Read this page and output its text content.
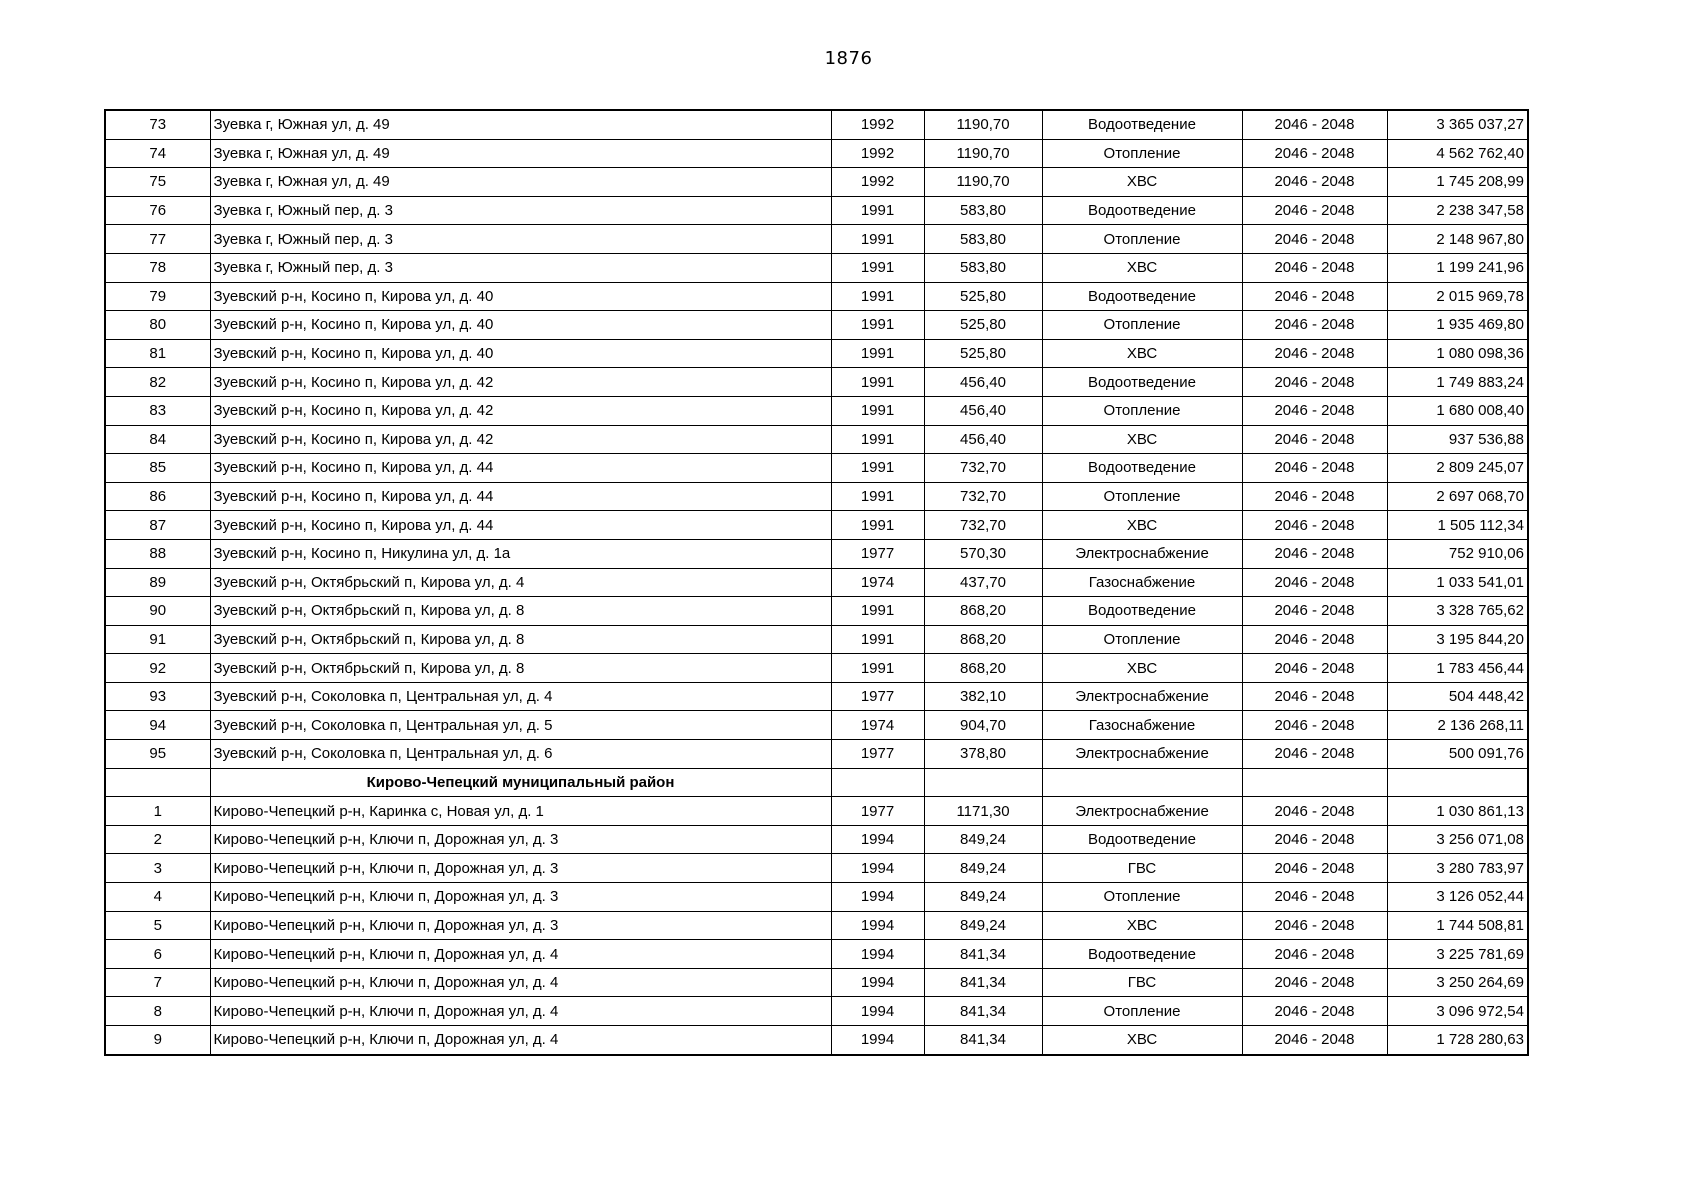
1876
73	Зуевка г, Южная ул, д. 49	1992	1190,70	Водоотведение	2046 - 2048	3 365 037,27
74	Зуевка г, Южная ул, д. 49	1992	1190,70	Отопление	2046 - 2048	4 562 762,40
75	Зуевка г, Южная ул, д. 49	1992	1190,70	ХВС	2046 - 2048	1 745 208,99
76	Зуевка г, Южный пер, д. 3	1991	583,80	Водоотведение	2046 - 2048	2 238 347,58
77	Зуевка г, Южный пер, д. 3	1991	583,80	Отопление	2046 - 2048	2 148 967,80
78	Зуевка г, Южный пер, д. 3	1991	583,80	ХВС	2046 - 2048	1 199 241,96
79	Зуевский р-н, Косино п, Кирова ул, д. 40	1991	525,80	Водоотведение	2046 - 2048	2 015 969,78
80	Зуевский р-н, Косино п, Кирова ул, д. 40	1991	525,80	Отопление	2046 - 2048	1 935 469,80
81	Зуевский р-н, Косино п, Кирова ул, д. 40	1991	525,80	ХВС	2046 - 2048	1 080 098,36
82	Зуевский р-н, Косино п, Кирова ул, д. 42	1991	456,40	Водоотведение	2046 - 2048	1 749 883,24
83	Зуевский р-н, Косино п, Кирова ул, д. 42	1991	456,40	Отопление	2046 - 2048	1 680 008,40
84	Зуевский р-н, Косино п, Кирова ул, д. 42	1991	456,40	ХВС	2046 - 2048	937 536,88
85	Зуевский р-н, Косино п, Кирова ул, д. 44	1991	732,70	Водоотведение	2046 - 2048	2 809 245,07
86	Зуевский р-н, Косино п, Кирова ул, д. 44	1991	732,70	Отопление	2046 - 2048	2 697 068,70
87	Зуевский р-н, Косино п, Кирова ул, д. 44	1991	732,70	ХВС	2046 - 2048	1 505 112,34
88	Зуевский р-н, Косино п, Никулина ул, д. 1а	1977	570,30	Электроснабжение	2046 - 2048	752 910,06
89	Зуевский р-н, Октябрьский п, Кирова ул, д. 4	1974	437,70	Газоснабжение	2046 - 2048	1 033 541,01
90	Зуевский р-н, Октябрьский п, Кирова ул, д. 8	1991	868,20	Водоотведение	2046 - 2048	3 328 765,62
91	Зуевский р-н, Октябрьский п, Кирова ул, д. 8	1991	868,20	Отопление	2046 - 2048	3 195 844,20
92	Зуевский р-н, Октябрьский п, Кирова ул, д. 8	1991	868,20	ХВС	2046 - 2048	1 783 456,44
93	Зуевский р-н, Соколовка п, Центральная ул, д. 4	1977	382,10	Электроснабжение	2046 - 2048	504 448,42
94	Зуевский р-н, Соколовка п, Центральная ул, д. 5	1974	904,70	Газоснабжение	2046 - 2048	2 136 268,11
95	Зуевский р-н, Соколовка п, Центральная ул, д. 6	1977	378,80	Электроснабжение	2046 - 2048	500 091,76
	Кирово-Чепецкий муниципальный район					
1	Кирово-Чепецкий р-н, Каринка с, Новая ул, д. 1	1977	1171,30	Электроснабжение	2046 - 2048	1 030 861,13
2	Кирово-Чепецкий р-н, Ключи п, Дорожная ул, д. 3	1994	849,24	Водоотведение	2046 - 2048	3 256 071,08
3	Кирово-Чепецкий р-н, Ключи п, Дорожная ул, д. 3	1994	849,24	ГВС	2046 - 2048	3 280 783,97
4	Кирово-Чепецкий р-н, Ключи п, Дорожная ул, д. 3	1994	849,24	Отопление	2046 - 2048	3 126 052,44
5	Кирово-Чепецкий р-н, Ключи п, Дорожная ул, д. 3	1994	849,24	ХВС	2046 - 2048	1 744 508,81
6	Кирово-Чепецкий р-н, Ключи п, Дорожная ул, д. 4	1994	841,34	Водоотведение	2046 - 2048	3 225 781,69
7	Кирово-Чепецкий р-н, Ключи п, Дорожная ул, д. 4	1994	841,34	ГВС	2046 - 2048	3 250 264,69
8	Кирово-Чепецкий р-н, Ключи п, Дорожная ул, д. 4	1994	841,34	Отопление	2046 - 2048	3 096 972,54
9	Кирово-Чепецкий р-н, Ключи п, Дорожная ул, д. 4	1994	841,34	ХВС	2046 - 2048	1 728 280,63
